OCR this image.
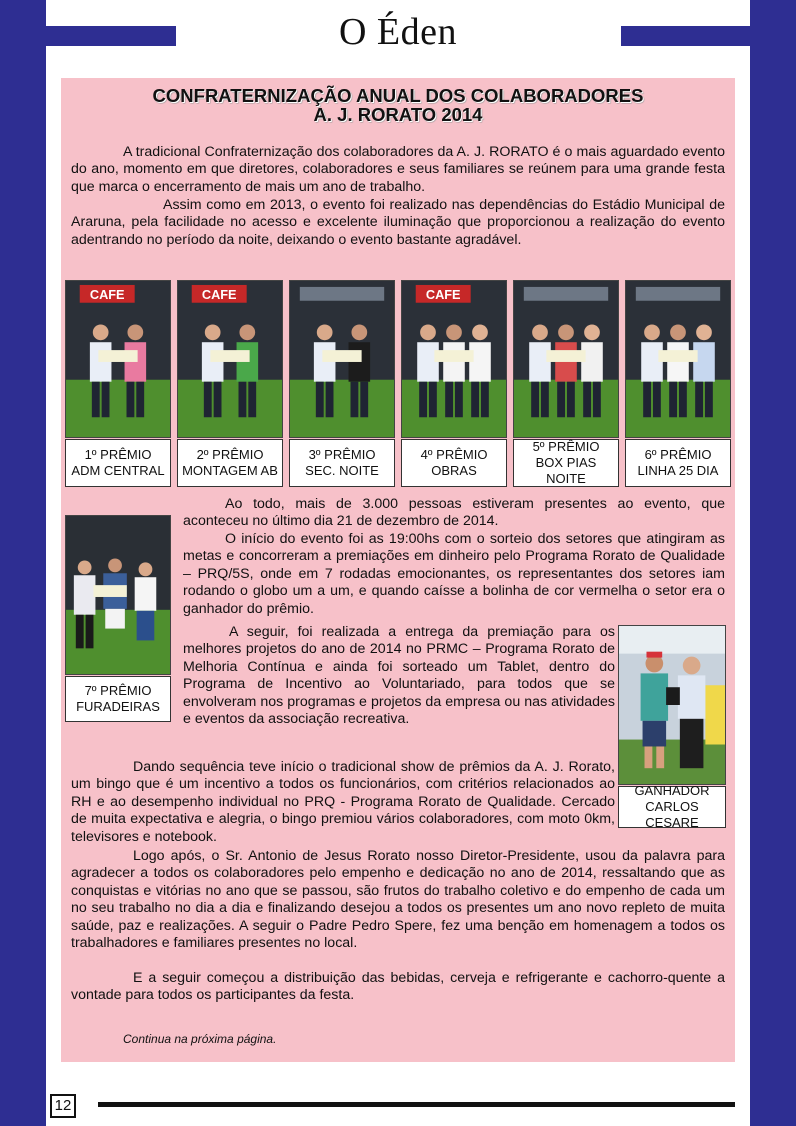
O Éden
CONFRATERNIZAÇÃO ANUAL DOS COLABORADORES
A. J. RORATO 2014

A tradicional Confraternização dos colaboradores da A. J. RORATO é o mais aguardado evento do ano, momento em que diretores, colaboradores e seus familiares se reúnem para uma grande festa que marca o encerramento de mais um ano de trabalho.

Assim como em 2013, o evento foi realizado nas dependências do Estádio Municipal de Araruna, pela facilidade no acesso e excelente iluminação que proporcionou a realização do evento adentrando no período da noite, deixando o evento bastante agradável.

CAFE
1º PRÊMIO
ADM CENTRAL
CAFE
2º PRÊMIO
MONTAGEM AB
3º PRÊMIO
SEC. NOITE
CAFE
4º PRÊMIO
OBRAS
5º PRÊMIO
BOX PIAS NOITE
6º PRÊMIO
LINHA 25 DIA
7º PRÊMIO
FURADEIRAS

Ao todo, mais de 3.000 pessoas estiveram presentes ao evento, que aconteceu no último dia 21 de dezembro de 2014.

O início do evento foi as 19:00hs com o sorteio dos setores que atingiram as metas e concorreram a premiações em dinheiro pelo Programa Rorato de Qualidade – PRQ/5S, onde em 7 rodadas emocionantes, os representantes dos setores iam rodando o globo um a um, e quando caísse a bolinha de cor vermelha o setor era o ganhador do prêmio.

A seguir, foi realizada a entrega da premiação para os melhores projetos do ano de 2014 no PRMC – Programa Rorato de Melhoria Contínua e ainda foi sorteado um Tablet, dentro do Programa de Incentivo ao Voluntariado, para todos que se envolveram nos programas e projetos da empresa ou nas atividades e eventos da associação recreativa.

GANHADOR
CARLOS CESARE

Dando sequência teve início o tradicional show de prêmios da A. J. Rorato, um bingo que é um incentivo a todos os funcionários, com critérios relacionados ao RH e ao desempenho individual no PRQ - Programa Rorato de Qualidade. Cercado de muita expectativa e alegria, o bingo premiou vários colaboradores, com moto 0km, televisores e notebook.

Logo após, o Sr. Antonio de Jesus Rorato nosso Diretor-Presidente, usou da palavra para agradecer a todos os colaboradores pelo empenho e dedicação no ano de 2014, ressaltando que as conquistas e vitórias no ano que se passou, são frutos do trabalho coletivo e do empenho de cada um no seu trabalho no dia a dia e finalizando desejou a todos os presentes um ano novo repleto de muita saúde, paz e realizações. A seguir o Padre Pedro Spere, fez uma benção em homenagem a todos os trabalhadores e familiares presentes no local.

E a seguir começou a distribuição das bebidas, cerveja e refrigerante e cachorro-quente a vontade para todos os participantes da festa.

Continua na próxima página.
12
